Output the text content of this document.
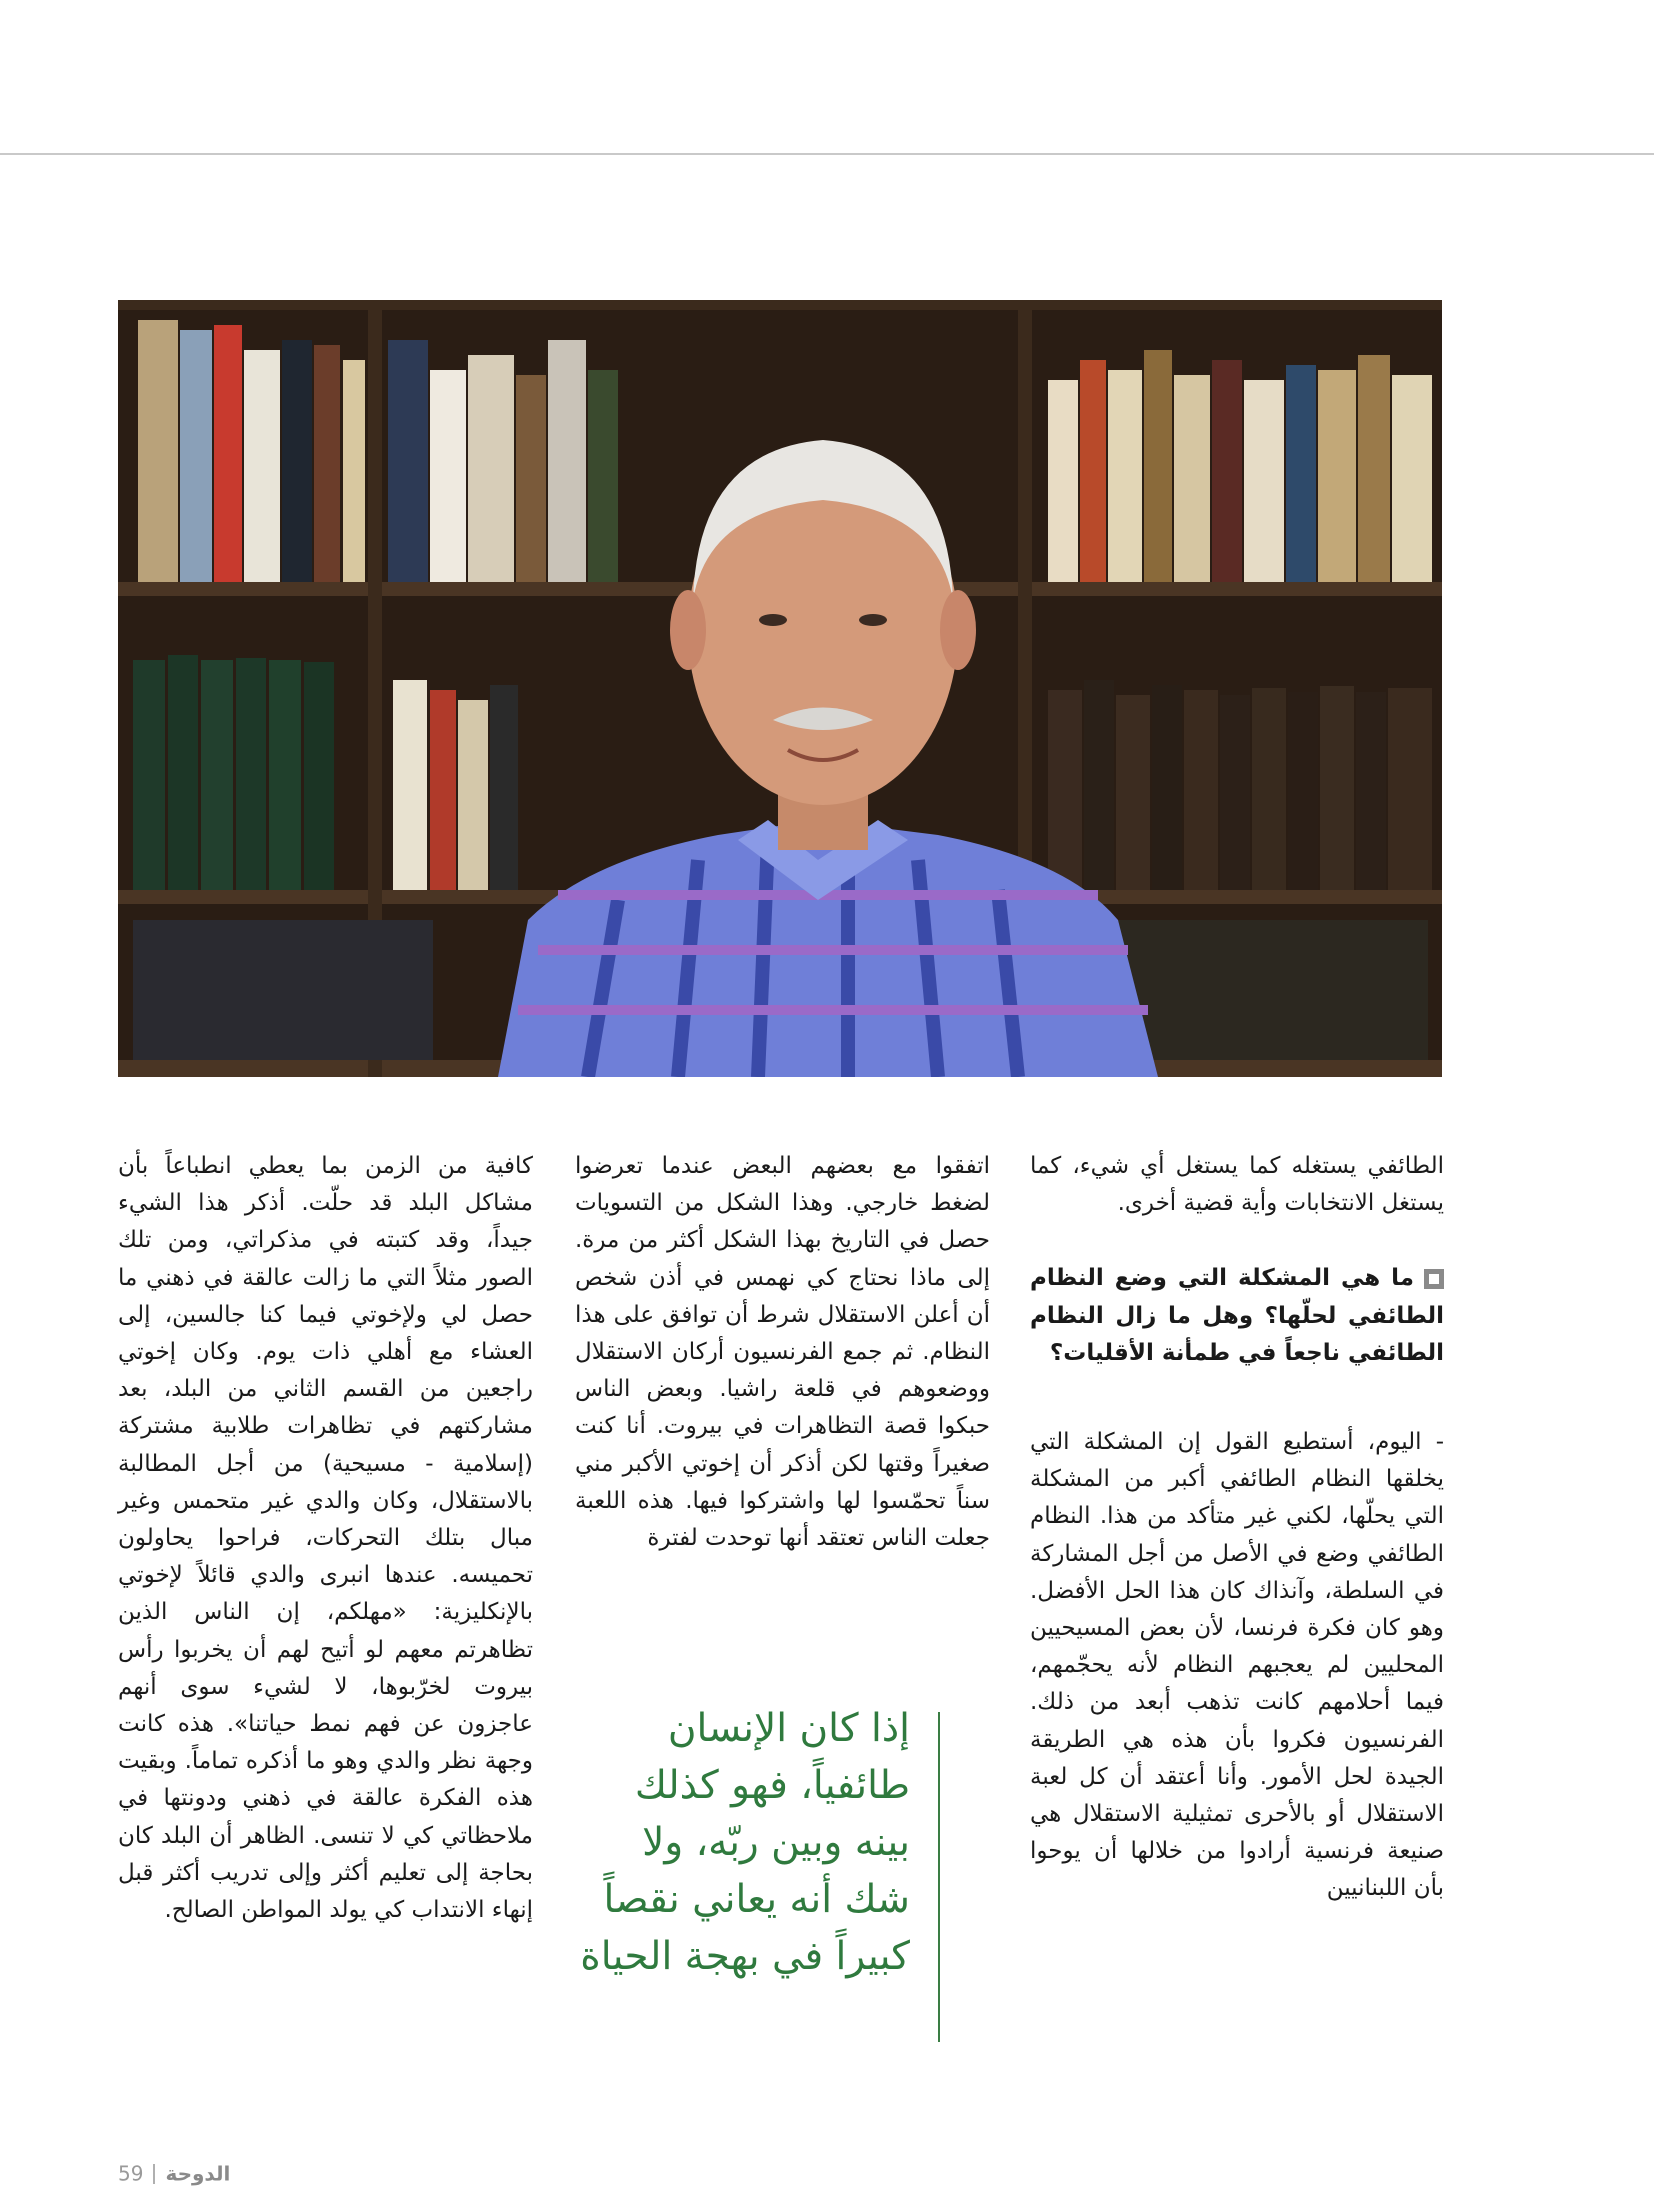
الطائفي يستغله كما يستغل أي شيء، كما يستغل الانتخابات وأية قضية أخرى.

ما هي المشكلة التي وضع النظام الطائفي لحلّها؟ وهل ما زال النظام الطائفي ناجعاً في طمأنة الأقليات؟

- اليوم، أستطيع القول إن المشكلة التي يخلقها النظام الطائفي أكبر من المشكلة التي يحلّها، لكني غير متأكد من هذا. النظام الطائفي وضع في الأصل من أجل المشاركة في السلطة، وآنذاك كان هذا الحل الأفضل. وهو كان فكرة فرنسا، لأن بعض المسيحيين المحليين لم يعجبهم النظام لأنه يحجّمهم، فيما أحلامهم كانت تذهب أبعد من ذلك. الفرنسيون فكروا بأن هذه هي الطريقة الجيدة لحل الأمور. وأنا أعتقد أن كل لعبة الاستقلال أو بالأحرى تمثيلية الاستقلال هي صنيعة فرنسية أرادوا من خلالها أن يوحوا بأن اللبنانيين

اتفقوا مع بعضهم البعض عندما تعرضوا لضغط خارجي. وهذا الشكل من التسويات حصل في التاريخ بهذا الشكل أكثر من مرة. إلى ماذا نحتاج كي نهمس في أذن شخص أن أعلن الاستقلال شرط أن توافق على هذا النظام. ثم جمع الفرنسيون أركان الاستقلال ووضعوهم في قلعة راشيا. وبعض الناس حبكوا قصة التظاهرات في بيروت. أنا كنت صغيراً وقتها لكن أذكر أن إخوتي الأكبر مني سناً تحمّسوا لها واشتركوا فيها. هذه اللعبة جعلت الناس تعتقد أنها توحدت لفترة

إذا كان الإنسان طائفياً، فهو كذلك بينه وبين ربّه، ولا شك أنه يعاني نقصاً كبيراً في بهجة الحياة

كافية من الزمن بما يعطي انطباعاً بأن مشاكل البلد قد حلّت. أذكر هذا الشيء جيداً، وقد كتبته في مذكراتي، ومن تلك الصور مثلاً التي ما زالت عالقة في ذهني ما حصل لي ولإخوتي فيما كنا جالسين، إلى العشاء مع أهلي ذات يوم. وكان إخوتي راجعين من القسم الثاني من البلد، بعد مشاركتهم في تظاهرات طلابية مشتركة (إسلامية - مسيحية) من أجل المطالبة بالاستقلال، وكان والدي غير متحمس وغير مبال بتلك التحركات، فراحوا يحاولون تحميسه. عندها انبرى والدي قائلاً لإخوتي بالإنكليزية: «مهلكم، إن الناس الذين تظاهرتم معهم لو أتيح لهم أن يخربوا رأس بيروت لخرّبوها، لا لشيء سوى أنهم عاجزون عن فهم نمط حياتنا». هذه كانت وجهة نظر والدي وهو ما أذكره تماماً. وبقيت هذه الفكرة عالقة في ذهني ودونتها في ملاحظاتي كي لا تنسى. الظاهر أن البلد كان بحاجة إلى تعليم أكثر وإلى تدريب أكثر قبل إنهاء الانتداب كي يولد المواطن الصالح.

59 الدوحة
